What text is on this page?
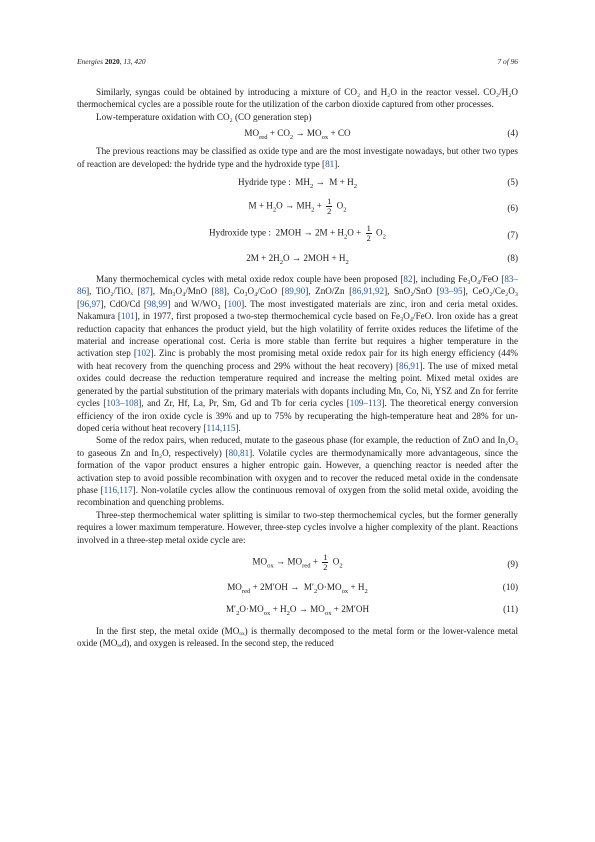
Energies 2020, 13, 420	7 of 96

Similarly, syngas could be obtained by introducing a mixture of CO₂ and H₂O in the reactor vessel. CO₂/H₂O thermochemical cycles are a possible route for the utilization of the carbon dioxide captured from other processes.

Low-temperature oxidation with CO₂ (CO generation step)

$MO_{red} + CO_2 \to MO_{ox}$ + CO	(4)

The previous reactions may be classified as oxide type and are the most investigate nowadays, but other two types of reaction are developed: the hydride type and the hydroxide type [81].

Hydride type :  $MH_2 \to M + H_2$	(5)
$M + H_2O \to MH_2 + \frac{1}{2} O_2$	(6)
Hydroxide type :  $2MOH \to 2M + H_2O + \frac{1}{2} O_2$	(7)
$2M + 2H_2O \to 2MOH + H_2$	(8)

Many thermochemical cycles with metal oxide redox couple have been proposed [82], including Fe₃O₄/FeO [83–86], TiO₂/TiOₓ [87], Mn₃O₄/MnO [88], Co₃O₄/CoO [89,90], ZnO/Zn [86,91,92], SnO₂/SnO [93–95], CeO₂/Ce₂O₃ [96,97], CdO/Cd [98,99] and W/WO₃ [100]. The most investigated materials are zinc, iron and ceria metal oxides. Nakamura [101], in 1977, first proposed a two-step thermochemical cycle based on Fe₃O₄/FeO. Iron oxide has a great reduction capacity that enhances the product yield, but the high volatility of ferrite oxides reduces the lifetime of the material and increase operational cost. Ceria is more stable than ferrite but requires a higher temperature in the activation step [102]. Zinc is probably the most promising metal oxide redox pair for its high energy efficiency (44% with heat recovery from the quenching process and 29% without the heat recovery) [86,91]. The use of mixed metal oxides could decrease the reduction temperature required and increase the melting point. Mixed metal oxides are generated by the partial substitution of the primary materials with dopants including Mn, Co, Ni, YSZ and Zn for ferrite cycles [103–108], and Zr, Hf, La, Pr, Sm, Gd and Tb for ceria cycles [109–113]. The theoretical energy conversion efficiency of the iron oxide cycle is 39% and up to 75% by recuperating the high-temperature heat and 28% for un-doped ceria without heat recovery [114,115].

Some of the redox pairs, when reduced, mutate to the gaseous phase (for example, the reduction of ZnO and In₂O₃ to gaseous Zn and In₂O, respectively) [80,81]. Volatile cycles are thermodynamically more advantageous, since the formation of the vapor product ensures a higher entropic gain. However, a quenching reactor is needed after the activation step to avoid possible recombination with oxygen and to recover the reduced metal oxide in the condensate phase [116,117]. Non-volatile cycles allow the continuous removal of oxygen from the solid metal oxide, avoiding the recombination and quenching problems.

Three-step thermochemical water splitting is similar to two-step thermochemical cycles, but the former generally requires a lower maximum temperature. However, three-step cycles involve a higher complexity of the plant. Reactions involved in a three-step metal oxide cycle are:

$MO_{ox} \to MO_{red} + \frac{1}{2} O_2$	(9)
$MO_{red} + 2M'OH \to M'_2O\cdot MO_{ox} + H_2$	(10)
$M'_2O\cdot MO_{ox} + H_2O \to MO_{ox} + 2M'OH$	(11)

In the first step, the metal oxide (MOₒₓ) is thermally decomposed to the metal form or the lower-valence metal oxide (MOᵣₑd), and oxygen is released. In the second step, the reduced
